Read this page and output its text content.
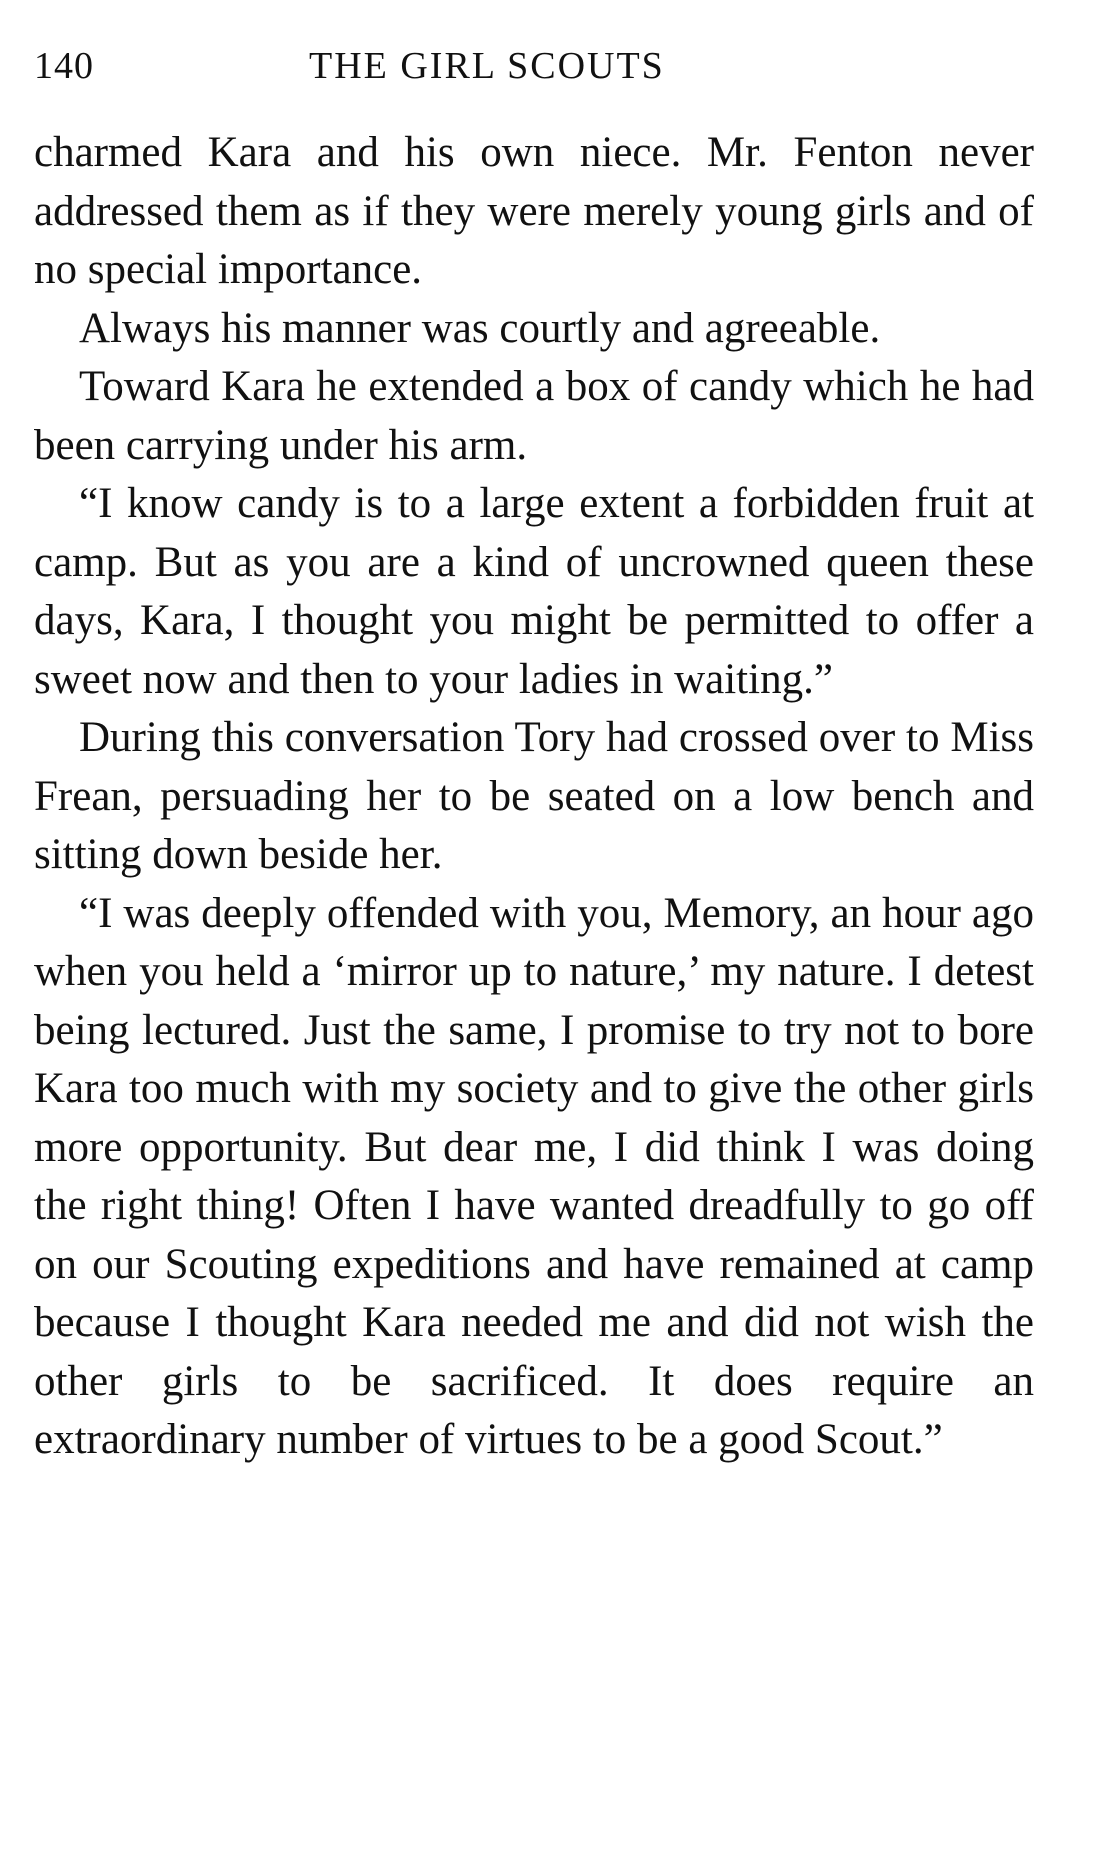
140	THE GIRL SCOUTS

charmed Kara and his own niece. Mr. Fenton never addressed them as if they were merely young girls and of no special importance.

Always his manner was courtly and agreeable.

Toward Kara he extended a box of candy which he had been carrying under his arm.

“I know candy is to a large extent a forbidden fruit at camp. But as you are a kind of uncrowned queen these days, Kara, I thought you might be permitted to offer a sweet now and then to your ladies in waiting.”

During this conversation Tory had crossed over to Miss Frean, persuading her to be seated on a low bench and sitting down beside her.

“I was deeply offended with you, Memory, an hour ago when you held a ‘mirror up to nature,’ my nature. I detest being lectured. Just the same, I promise to try not to bore Kara too much with my society and to give the other girls more opportunity. But dear me, I did think I was doing the right thing! Often I have wanted dreadfully to go off on our Scouting expeditions and have remained at camp because I thought Kara needed me and did not wish the other girls to be sacrificed. It does require an extraordinary number of virtues to be a good Scout.”
